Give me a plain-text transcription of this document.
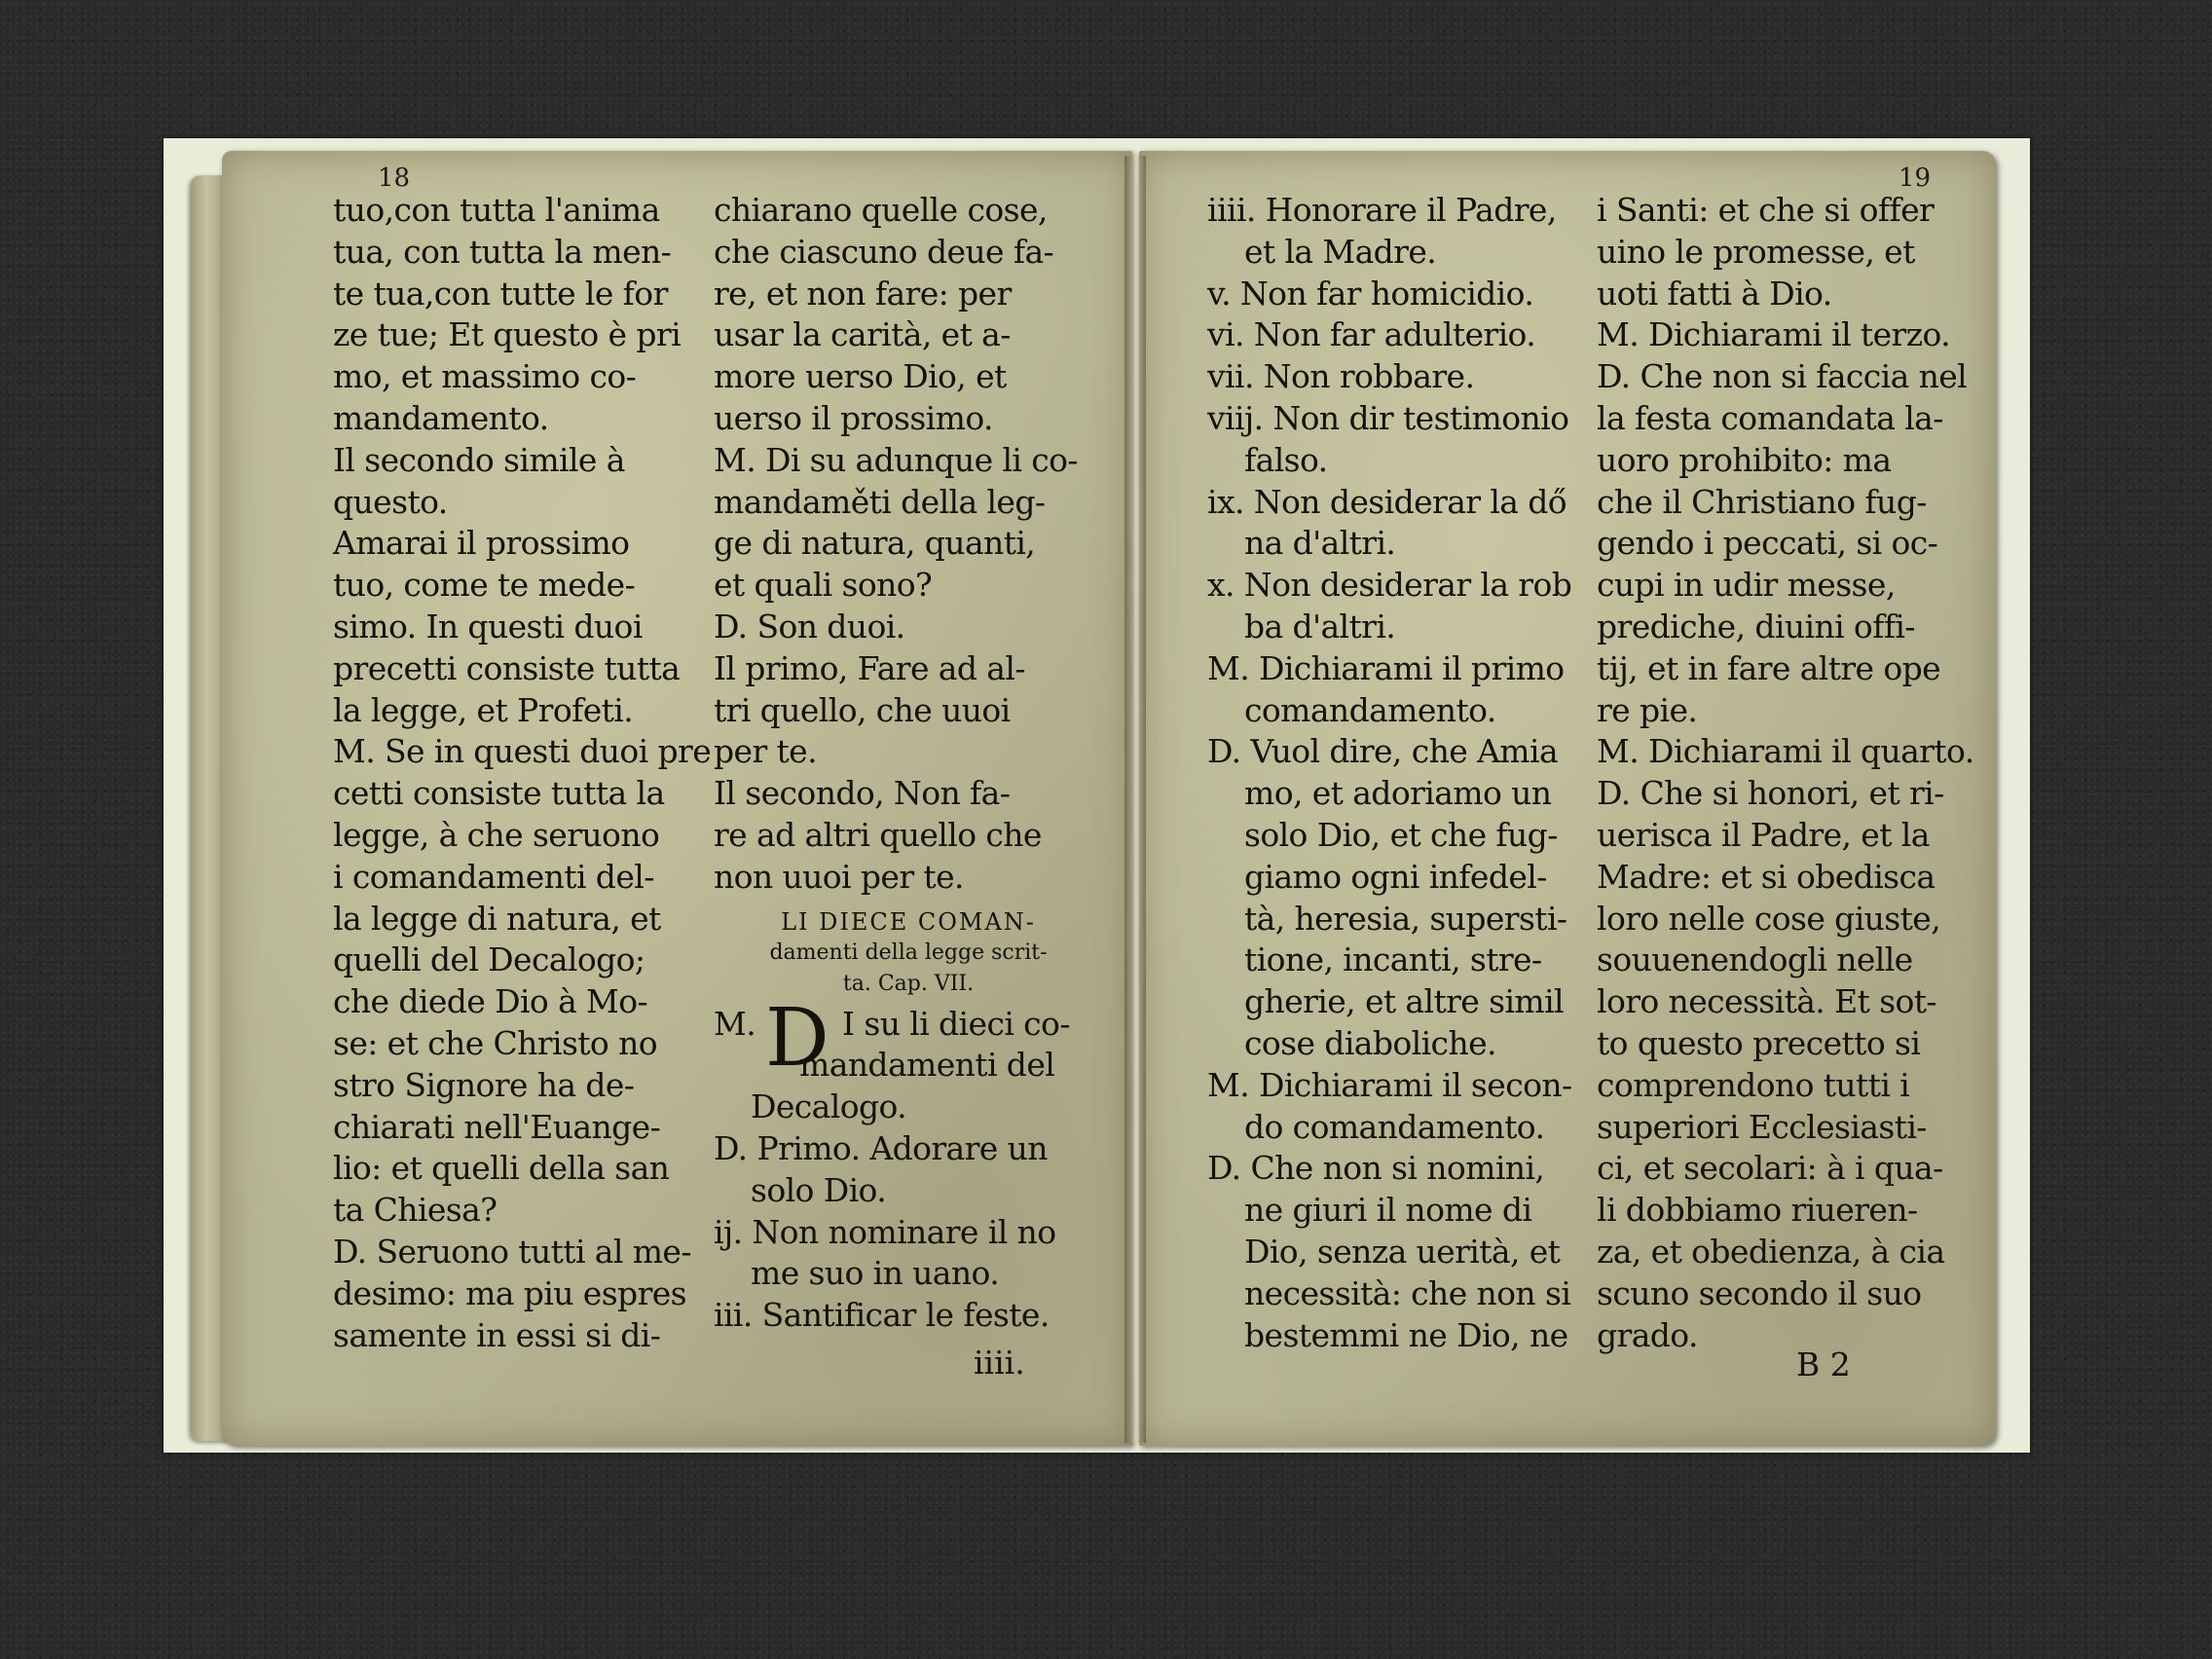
18	19
tuo,con tutta l'anima
tua, con tutta la men-
te tua,con tutte le for
ze tue; Et questo è pri
mo, et massimo co-
mandamento.
Il secondo simile à
questo.
Amarai il prossimo
tuo, come te mede-
simo. In questi duoi
precetti consiste tutta
la legge, et Profeti.
M. Se in questi duoi pre
cetti consiste tutta la
legge, à che seruono
i comandamenti del-
la legge di natura, et
quelli del Decalogo;
che diede Dio à Mo-
se: et che Christo no
stro Signore ha de-
chiarati nell'Euange-
lio: et quelli della san
ta Chiesa?
D. Seruono tutti al me-
desimo: ma piu espres
samente in essi si di-
chiarano quelle cose,
che ciascuno deue fa-
re, et non fare: per
usar la carità, et a-
more uerso Dio, et
uerso il prossimo.
M. Di su adunque li co-
mandaměti della leg-
ge di natura, quanti,
et quali sono?
D. Son duoi.
Il primo, Fare ad al-
tri quello, che uuoi
per te.
Il secondo, Non fa-
re ad altri quello che
non uuoi per te.
LI DIECE COMAN-
damenti della legge scrit-
ta. Cap. VII.
M. D I su li dieci co-
mandamenti del
Decalogo.
D. Primo. Adorare un
solo Dio.
ij. Non nominare il no
me suo in uano.
iii. Santificar le feste.
iiii.
iiii. Honorare il Padre,
et la Madre.
v. Non far homicidio.
vi. Non far adulterio.
vii. Non robbare.
viij. Non dir testimonio
falso.
ix. Non desiderar la dő
na d'altri.
x. Non desiderar la rob
ba d'altri.
M. Dichiarami il primo
comandamento.
D. Vuol dire, che Amia
mo, et adoriamo un
solo Dio, et che fug-
giamo ogni infedel-
tà, heresia, supersti-
tione, incanti, stre-
gherie, et altre simil
cose diaboliche.
M. Dichiarami il secon-
do comandamento.
D. Che non si nomini,
ne giuri il nome di
Dio, senza uerità, et
necessità: che non si
bestemmi ne Dio, ne
i Santi: et che si offer
uino le promesse, et
uoti fatti à Dio.
M. Dichiarami il terzo.
D. Che non si faccia nel
la festa comandata la-
uoro prohibito: ma
che il Christiano fug-
gendo i peccati, si oc-
cupi in udir messe,
prediche, diuini offi-
tij, et in fare altre ope
re pie.
M. Dichiarami il quarto.
D. Che si honori, et ri-
uerisca il Padre, et la
Madre: et si obedisca
loro nelle cose giuste,
souuenendogli nelle
loro necessità. Et sot-
to questo precetto si
comprendono tutti i
superiori Ecclesiasti-
ci, et secolari: à i qua-
li dobbiamo riueren-
za, et obedienza, à cia
scuno secondo il suo
grado.
B 2
